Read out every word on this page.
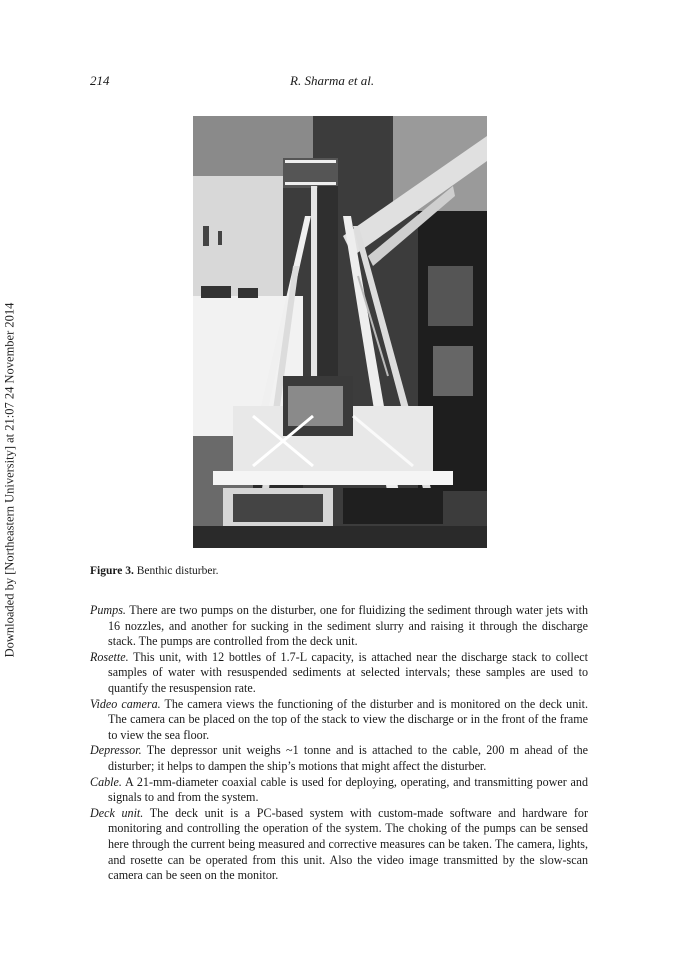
Downloaded by [Northeastern University] at 21:07 24 November 2014
214	R. Sharma et al.
Figure 3. Benthic disturber.

Pumps. There are two pumps on the disturber, one for fluidizing the sediment through water jets with 16 nozzles, and another for sucking in the sediment slurry and raising it through the discharge stack. The pumps are controlled from the deck unit.

Rosette. This unit, with 12 bottles of 1.7-L capacity, is attached near the discharge stack to collect samples of water with resuspended sediments at selected intervals; these samples are used to quantify the resuspension rate.

Video camera. The camera views the functioning of the disturber and is monitored on the deck unit. The camera can be placed on the top of the stack to view the discharge or in the front of the frame to view the sea floor.

Depressor. The depressor unit weighs ~1 tonne and is attached to the cable, 200 m ahead of the disturber; it helps to dampen the ship’s motions that might affect the disturber.

Cable. A 21-mm-diameter coaxial cable is used for deploying, operating, and transmitting power and signals to and from the system.

Deck unit. The deck unit is a PC-based system with custom-made software and hardware for monitoring and controlling the operation of the system. The choking of the pumps can be sensed here through the current being measured and corrective measures can be taken. The camera, lights, and rosette can be operated from this unit. Also the video image transmitted by the slow-scan camera can be seen on the monitor.
